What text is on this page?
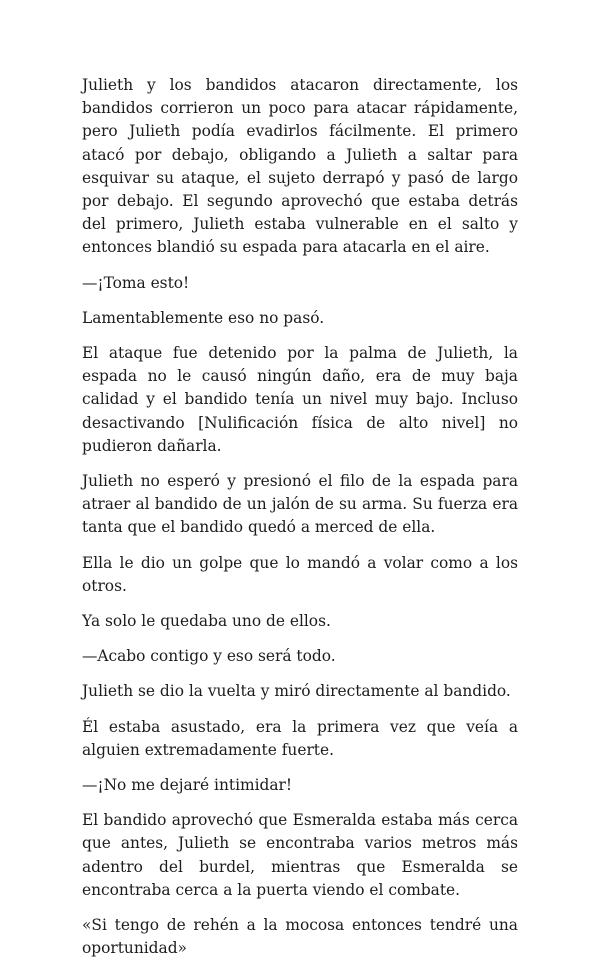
Julieth y los bandidos atacaron directamente, los bandidos corrieron un poco para atacar rápidamente, pero Julieth podía evadirlos fácilmente. El primero atacó por debajo, obligando a Julieth a saltar para esquivar su ataque, el sujeto derrapó y pasó de largo por debajo. El segundo aprovechó que estaba detrás del primero, Julieth estaba vulnerable en el salto y entonces blandió su espada para atacarla en el aire.

—¡Toma esto!

Lamentablemente eso no pasó.

El ataque fue detenido por la palma de Julieth, la espada no le causó ningún daño, era de muy baja calidad y el bandido tenía un nivel muy bajo. Incluso desactivando [Nulificación física de alto nivel] no pudieron dañarla.

Julieth no esperó y presionó el filo de la espada para atraer al bandido de un jalón de su arma. Su fuerza era tanta que el bandido quedó a merced de ella.

Ella le dio un golpe que lo mandó a volar como a los otros.

Ya solo le quedaba uno de ellos.

—Acabo contigo y eso será todo.

Julieth se dio la vuelta y miró directamente al bandido.

Él estaba asustado, era la primera vez que veía a alguien extremadamente fuerte.

—¡No me dejaré intimidar!

El bandido aprovechó que Esmeralda estaba más cerca que antes, Julieth se encontraba varios metros más adentro del burdel, mientras que Esmeralda se encontraba cerca a la puerta viendo el combate.

«Si tengo de rehén a la mocosa entonces tendré una oportunidad»
